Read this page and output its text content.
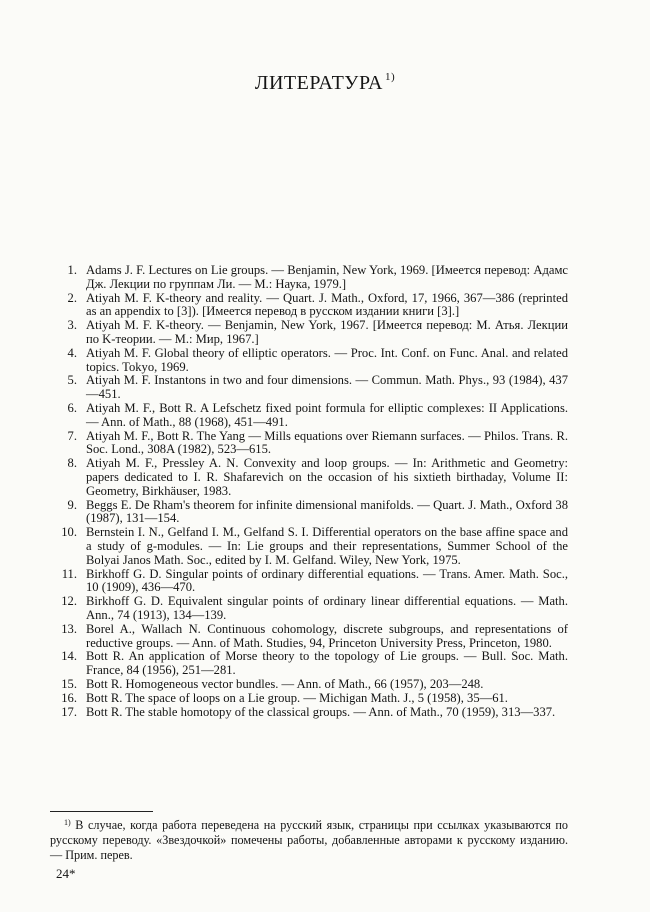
ЛИТЕРАТУРА $^{1)}$
1. Adams J. F. Lectures on Lie groups. — Benjamin, New York, 1969. [Имеется перевод: Адамс Дж. Лекции по группам Ли. — М.: Наука, 1979.]
2. Atiyah M. F. K-theory and reality. — Quart. J. Math., Oxford, 17, 1966, 367—386 (reprinted as an appendix to [3]). [Имеется перевод в русском издании книги [3].]
3. Atiyah M. F. K-theory. — Benjamin, New York, 1967. [Имеется перевод: М. Атья. Лекции по K-теории. — М.: Мир, 1967.]
4. Atiyah M. F. Global theory of elliptic operators. — Proc. Int. Conf. on Func. Anal. and related topics. Tokyo, 1969.
5. Atiyah M. F. Instantons in two and four dimensions. — Commun. Math. Phys., 93 (1984), 437—451.
6. Atiyah M. F., Bott R. A Lefschetz fixed point formula for elliptic complexes: II Applications. — Ann. of Math., 88 (1968), 451—491.
7. Atiyah M. F., Bott R. The Yang — Mills equations over Riemann surfaces. — Philos. Trans. R. Soc. Lond., 308A (1982), 523—615.
8. Atiyah M. F., Pressley A. N. Convexity and loop groups. — In: Arithmetic and Geometry: papers dedicated to I. R. Shafarevich on the occasion of his sixtieth birthaday, Volume II: Geometry, Birkhäuser, 1983.
9. Beggs E. De Rham's theorem for infinite dimensional manifolds. — Quart. J. Math., Oxford 38 (1987), 131—154.
10. Bernstein I. N., Gelfand I. M., Gelfand S. I. Differential operators on the base affine space and a study of g-modules. — In: Lie groups and their representations, Summer School of the Bolyai Janos Math. Soc., edited by I. M. Gelfand. Wiley, New York, 1975.
11. Birkhoff G. D. Singular points of ordinary differential equations. — Trans. Amer. Math. Soc., 10 (1909), 436—470.
12. Birkhoff G. D. Equivalent singular points of ordinary linear differential equations. — Math. Ann., 74 (1913), 134—139.
13. Borel A., Wallach N. Continuous cohomology, discrete subgroups, and representations of reductive groups. — Ann. of Math. Studies, 94, Princeton University Press, Princeton, 1980.
14. Bott R. An application of Morse theory to the topology of Lie groups. — Bull. Soc. Math. France, 84 (1956), 251—281.
15. Bott R. Homogeneous vector bundles. — Ann. of Math., 66 (1957), 203—248.
16. Bott R. The space of loops on a Lie group. — Michigan Math. J., 5 (1958), 35—61.
17. Bott R. The stable homotopy of the classical groups. — Ann. of Math., 70 (1959), 313—337.
$^{1)}$ В случае, когда работа переведена на русский язык, страницы при ссылках указываются по русскому переводу. «Звездочкой» помечены работы, добавленные авторами к русскому изданию. — Прим. перев.
24*
